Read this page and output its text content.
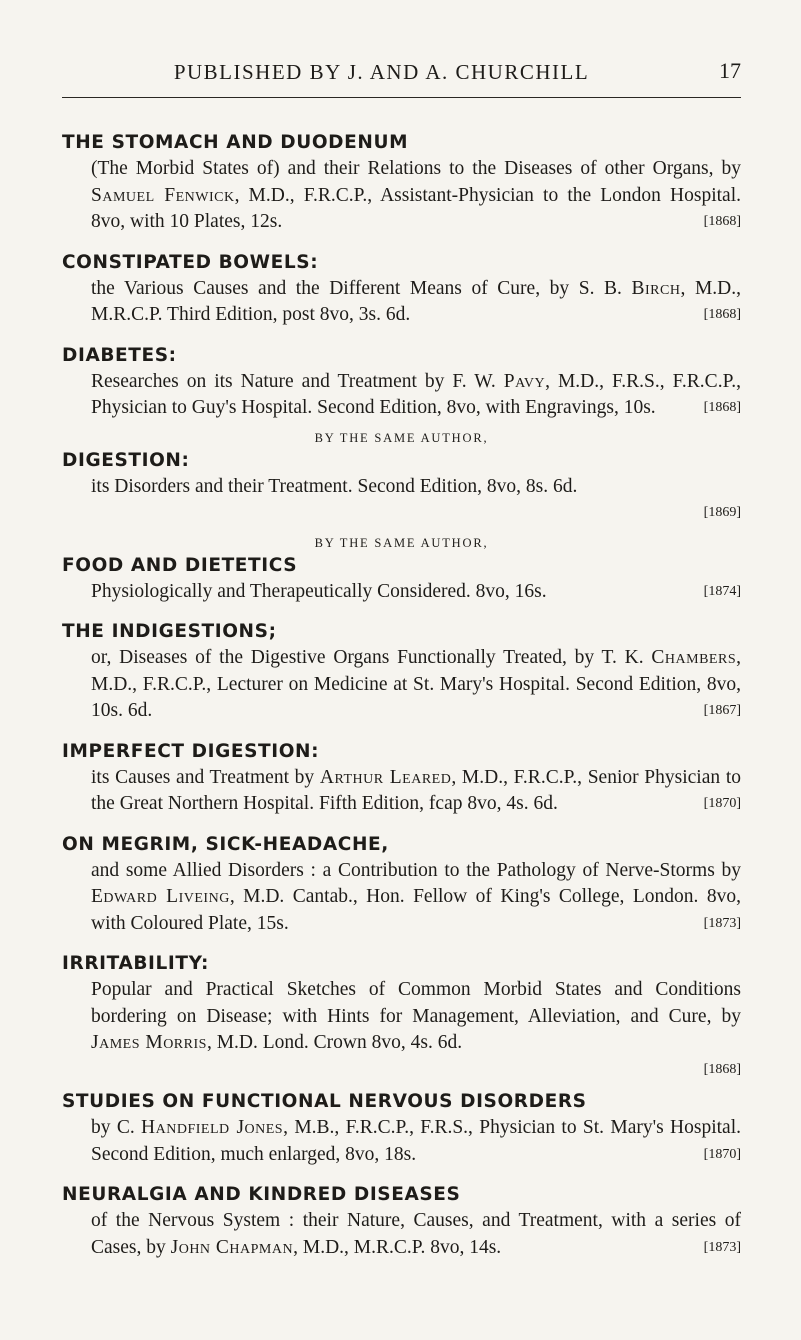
PUBLISHED BY J. AND A. CHURCHILL	17
THE STOMACH AND DUODENUM

(The Morbid States of) and their Relations to the Diseases of other Organs, by Samuel Fenwick, M.D., F.R.C.P., Assistant-Physician to the London Hospital. 8vo, with 10 Plates, 12s.	[1868]

CONSTIPATED BOWELS:

the Various Causes and the Different Means of Cure, by S. B. Birch, M.D., M.R.C.P. Third Edition, post 8vo, 3s. 6d.	[1868]

DIABETES:

Researches on its Nature and Treatment by F. W. Pavy, M.D., F.R.S., F.R.C.P., Physician to Guy's Hospital. Second Edition, 8vo, with Engravings, 10s.	[1868]

BY THE SAME AUTHOR,
DIGESTION:

its Disorders and their Treatment. Second Edition, 8vo, 8s. 6d.

[1869]
BY THE SAME AUTHOR,
FOOD AND DIETETICS

Physiologically and Therapeutically Considered. 8vo, 16s.	[1874]

THE INDIGESTIONS;

or, Diseases of the Digestive Organs Functionally Treated, by T. K. Chambers, M.D., F.R.C.P., Lecturer on Medicine at St. Mary's Hospital. Second Edition, 8vo, 10s. 6d.	[1867]

IMPERFECT DIGESTION:

its Causes and Treatment by Arthur Leared, M.D., F.R.C.P., Senior Physician to the Great Northern Hospital. Fifth Edition, fcap 8vo, 4s. 6d.	[1870]

ON MEGRIM, SICK-HEADACHE,

and some Allied Disorders : a Contribution to the Pathology of Nerve-Storms by Edward Liveing, M.D. Cantab., Hon. Fellow of King's College, London. 8vo, with Coloured Plate, 15s.	[1873]

IRRITABILITY:

Popular and Practical Sketches of Common Morbid States and Conditions bordering on Disease; with Hints for Management, Alleviation, and Cure, by James Morris, M.D. Lond. Crown 8vo, 4s. 6d.

[1868]
STUDIES ON FUNCTIONAL NERVOUS DISORDERS

by C. Handfield Jones, M.B., F.R.C.P., F.R.S., Physician to St. Mary's Hospital. Second Edition, much enlarged, 8vo, 18s.	[1870]

NEURALGIA AND KINDRED DISEASES

of the Nervous System : their Nature, Causes, and Treatment, with a series of Cases, by John Chapman, M.D., M.R.C.P. 8vo, 14s.	[1873]
